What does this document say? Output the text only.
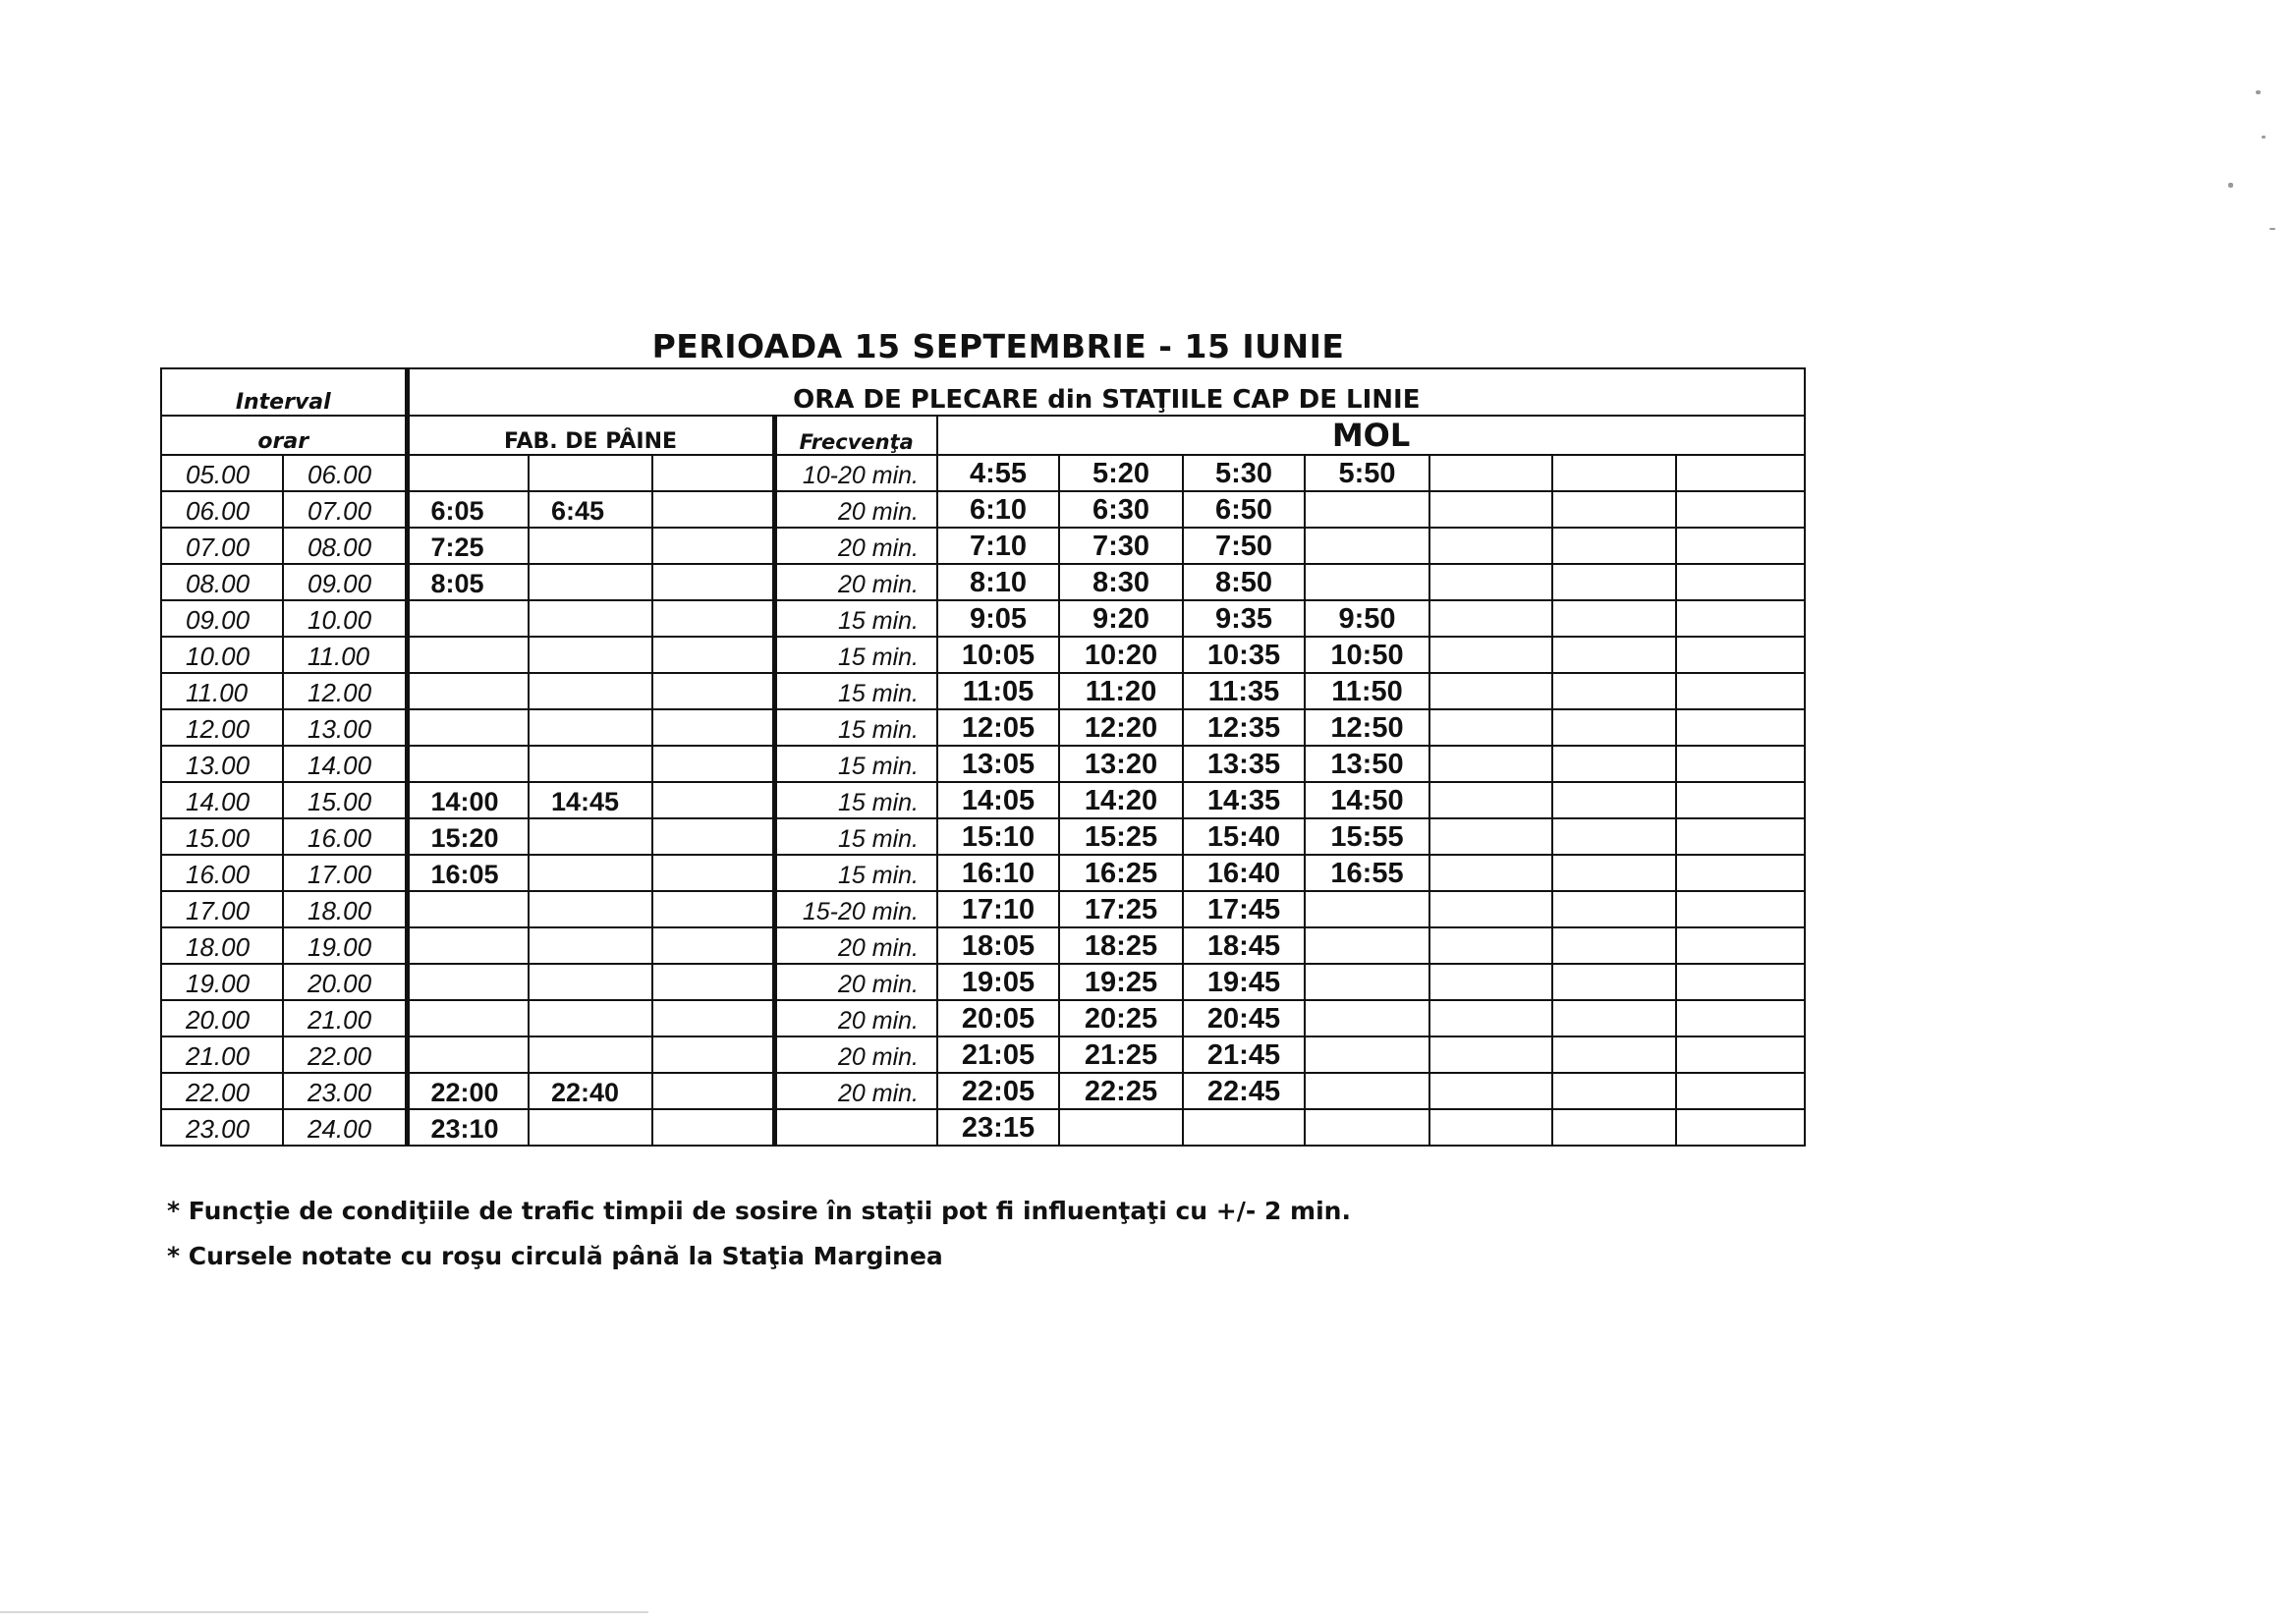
PERIOADA 15 SEPTEMBRIE - 15 IUNIE
Interval		ORA DE PLECARE din STAŢIILE CAP DE LINIE										
orar		FAB. DE PÂINE			Frecvenţa	MOL						
05.00	06.00				10-20 min.	4:55	5:20	5:30	5:50			
06.00	07.00	6:05	6:45		20 min.	6:10	6:30	6:50				
07.00	08.00	7:25			20 min.	7:10	7:30	7:50				
08.00	09.00	8:05			20 min.	8:10	8:30	8:50				
09.00	10.00				15 min.	9:05	9:20	9:35	9:50			
10.00	11.00				15 min.	10:05	10:20	10:35	10:50			
11.00	12.00				15 min.	11:05	11:20	11:35	11:50			
12.00	13.00				15 min.	12:05	12:20	12:35	12:50			
13.00	14.00				15 min.	13:05	13:20	13:35	13:50			
14.00	15.00	14:00	14:45		15 min.	14:05	14:20	14:35	14:50			
15.00	16.00	15:20			15 min.	15:10	15:25	15:40	15:55			
16.00	17.00	16:05			15 min.	16:10	16:25	16:40	16:55			
17.00	18.00				15-20 min.	17:10	17:25	17:45				
18.00	19.00				20 min.	18:05	18:25	18:45				
19.00	20.00				20 min.	19:05	19:25	19:45				
20.00	21.00				20 min.	20:05	20:25	20:45				
21.00	22.00				20 min.	21:05	21:25	21:45				
22.00	23.00	22:00	22:40		20 min.	22:05	22:25	22:45				
23.00	24.00	23:10				23:15						
* Funcţie de condiţiile de trafic timpii de sosire în staţii pot fi influenţaţi cu +/- 2 min.
* Cursele notate cu roşu circulă până la Staţia Marginea
